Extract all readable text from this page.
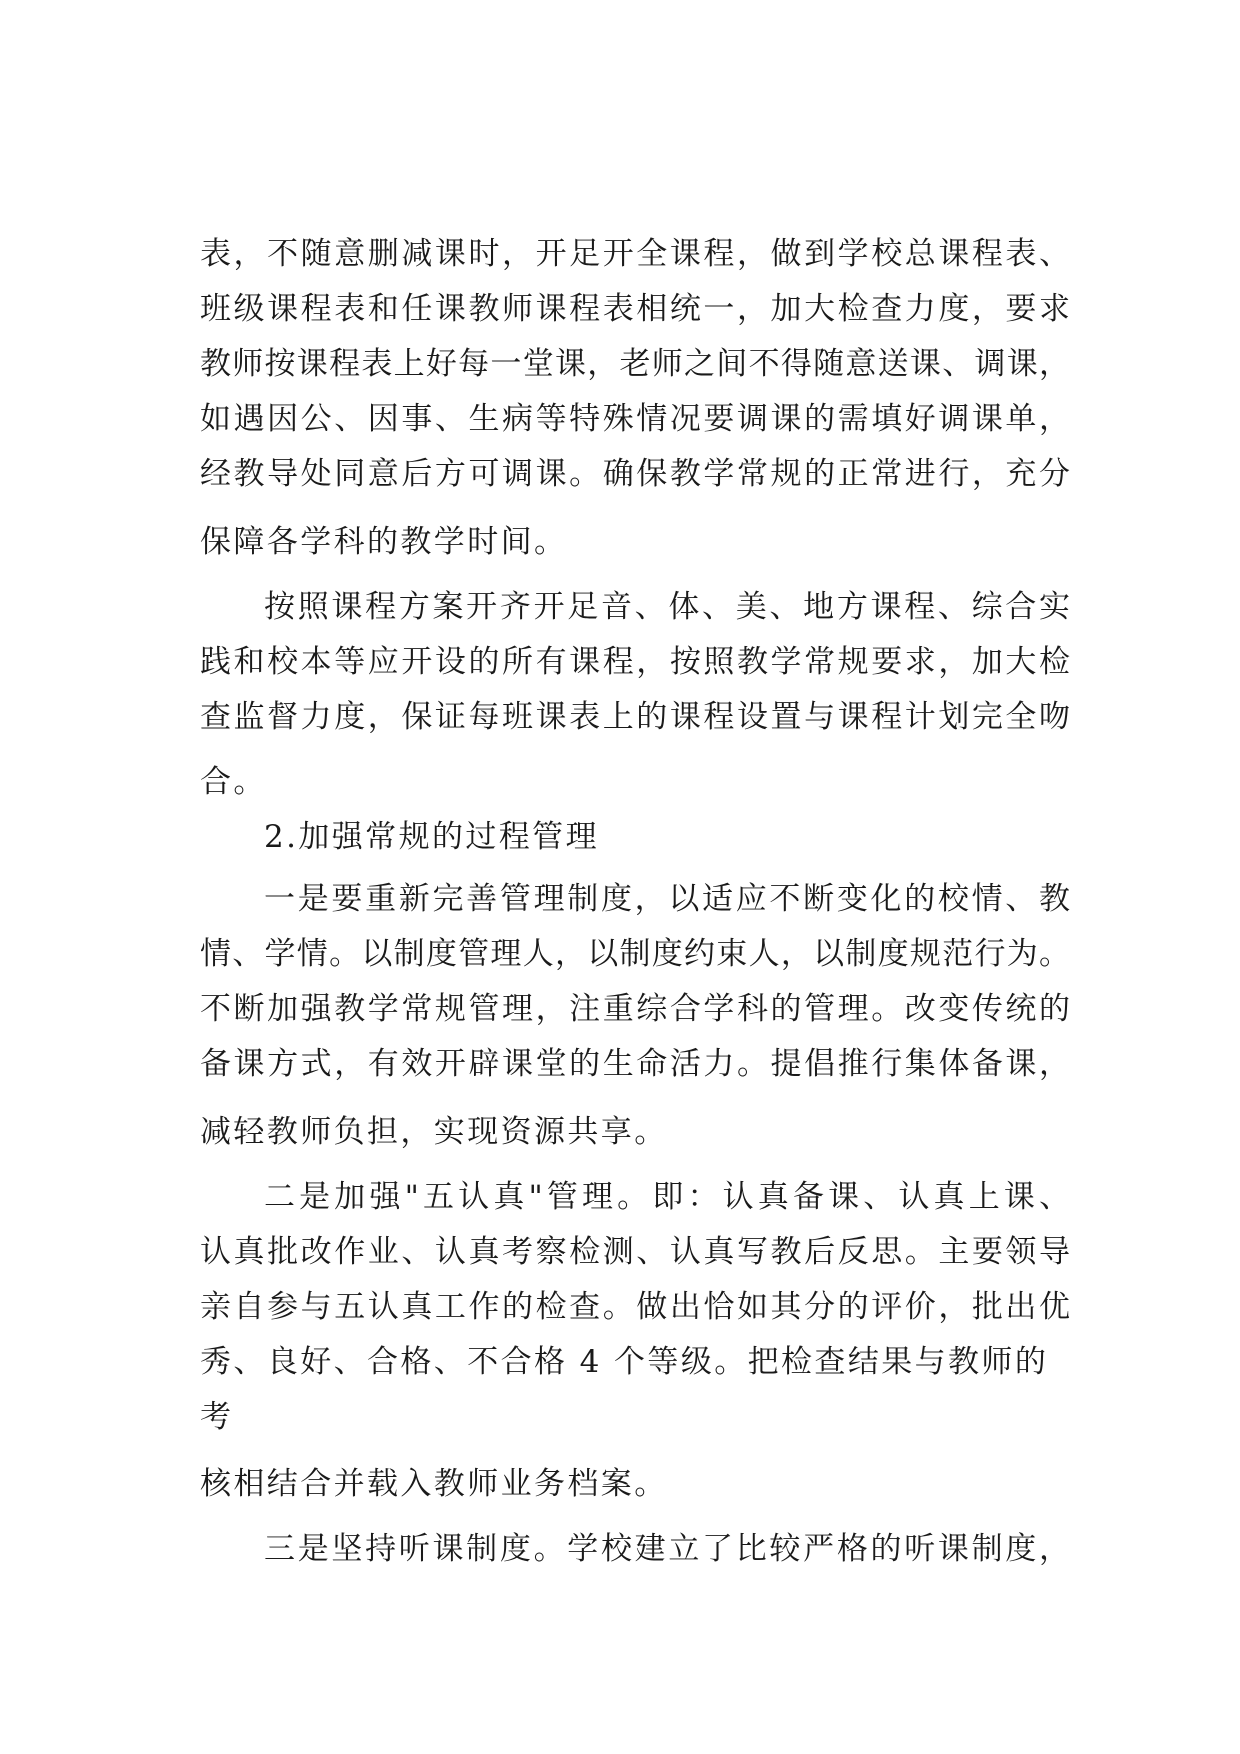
表，不随意删减课时，开足开全课程，做到学校总课程表、
班级课程表和任课教师课程表相统一，加大检查力度，要求
教师按课程表上好每一堂课，老师之间不得随意送课、调课，
如遇因公、因事、生病等特殊情况要调课的需填好调课单，
经教导处同意后方可调课。确保教学常规的正常进行，充分
保障各学科的教学时间。
按照课程方案开齐开足音、体、美、地方课程、综合实
践和校本等应开设的所有课程，按照教学常规要求，加大检
查监督力度，保证每班课表上的课程设置与课程计划完全吻
合。
2.加强常规的过程管理
一是要重新完善管理制度，以适应不断变化的校情、教
情、学情。以制度管理人，以制度约束人，以制度规范行为。
不断加强教学常规管理，注重综合学科的管理。改变传统的
备课方式，有效开辟课堂的生命活力。提倡推行集体备课，
减轻教师负担，实现资源共享。
二是加强"五认真"管理。即：认真备课、认真上课、
认真批改作业、认真考察检测、认真写教后反思。主要领导
亲自参与五认真工作的检查。做出恰如其分的评价，批出优
秀、良好、合格、不合格 4 个等级。把检查结果与教师的
考
核相结合并载入教师业务档案。
三是坚持听课制度。学校建立了比较严格的听课制度，
